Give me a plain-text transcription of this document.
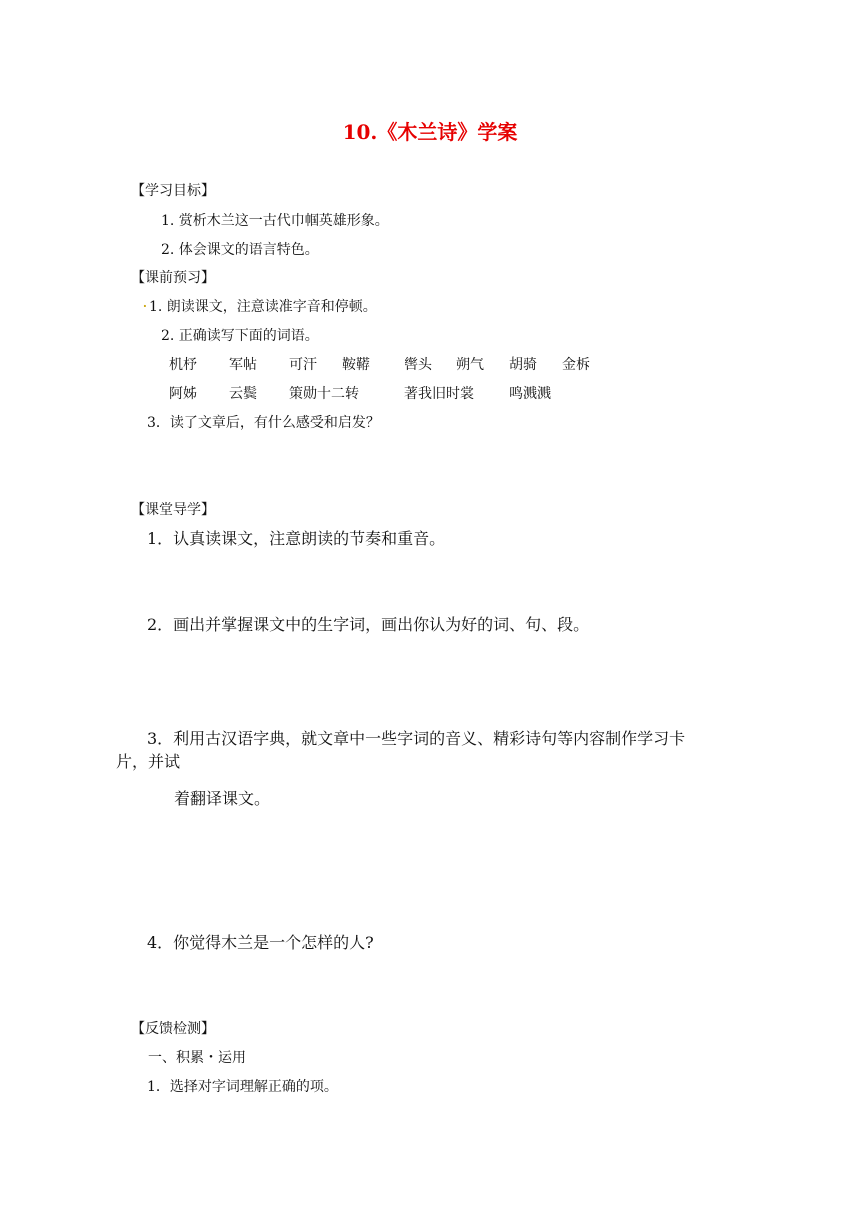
10.《木兰诗》学案
【学习目标】
1. 赏析木兰这一古代巾帼英雄形象。
2. 体会课文的语言特色。
【课前预习】
· 1. 朗读课文，注意读准字音和停顿。
2. 正确读写下面的词语。
机杼 军帖 可汗 鞍鞯 辔头 朔气 胡骑 金柝
阿姊 云鬓 策勋十二转	著我旧时裳	鸣溅溅
3．读了文章后，有什么感受和启发？
【课堂导学】
1．认真读课文，注意朗读的节奏和重音。
2．画出并掌握课文中的生字词，画出你认为好的词、句、段。
3．利用古汉语字典，就文章中一些字词的音义、精彩诗句等内容制作学习卡
片，并试
着翻译课文。
4．你觉得木兰是一个怎样的人?
【反馈检测】
一、积累・运用
1．选择对字词理解正确的项。
